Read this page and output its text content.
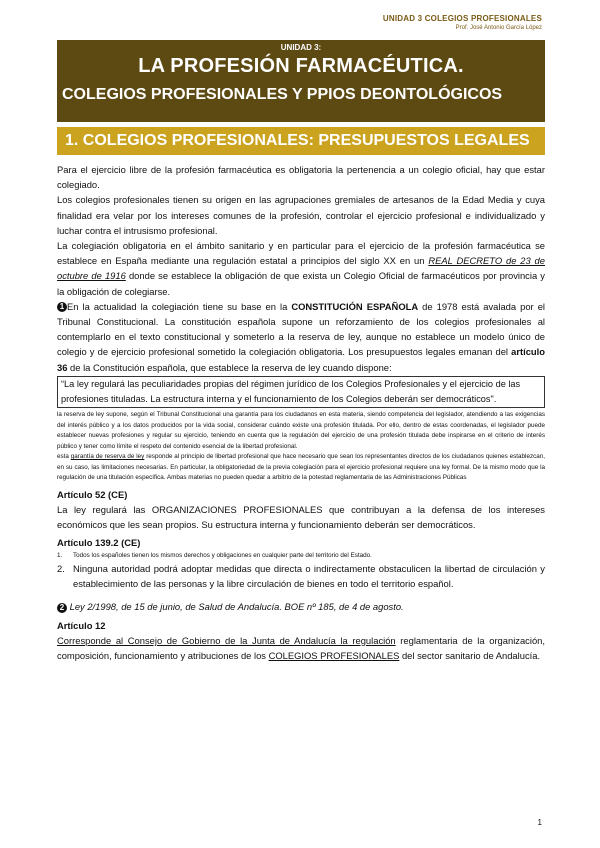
UNIDAD 3 COLEGIOS PROFESIONALES
Prof. José Antonio García López
UNIDAD 3:
LA PROFESIÓN FARMACÉUTICA.
COLEGIOS PROFESIONALES Y PPIOS DEONTOLÓGICOS
1. COLEGIOS PROFESIONALES: PRESUPUESTOS LEGALES

Para el ejercicio libre de la profesión farmacéutica es obligatoria la pertenencia a un colegio oficial, hay que estar colegiado.

Los colegios profesionales tienen su origen en las agrupaciones gremiales de artesanos de la Edad Media y cuya finalidad era velar por los intereses comunes de la profesión, controlar el ejercicio profesional e individualizado y luchar contra el intrusismo profesional.

La colegiación obligatoria en el ámbito sanitario y en particular para el ejercicio de la profesión farmacéutica se establece en España mediante una regulación estatal a principios del siglo XX en un REAL DECRETO de 23 de octubre de 1916 donde se establece la obligación de que exista un Colegio Oficial de farmacéuticos por provincia y la obligación de colegiarse.

1 En la actualidad la colegiación tiene su base en la CONSTITUCIÓN ESPAÑOLA de 1978 está avalada por el Tribunal Constitucional. La constitución española supone un reforzamiento de los colegios profesionales al contemplarlo en el texto constitucional y someterlo a la reserva de ley, aunque no establece un modelo único de colegio y de ejercicio profesional sometido la colegiación obligatoria. Los presupuestos legales emanan del artículo 36 de la Constitución española, que establece la reserva de ley cuando dispone:

“La ley regulará las peculiaridades propias del régimen jurídico de los Colegios Profesionales y el ejercicio de las profesiones tituladas. La estructura interna y el funcionamiento de los Colegios deberán ser democráticos".

la reserva de ley supone, según el Tribunal Constitucional una garantía para los ciudadanos en esta materia, siendo competencia del legislador, atendiendo a las exigencias del interés público y a los datos producidos por la vida social, considerar cuándo existe una profesión titulada. Por ello, dentro de estas coordenadas, el legislador puede establecer nuevas profesiones y regular su ejercicio, teniendo en cuenta que la regulación del ejercicio de una profesión titulada debe inspirarse en el criterio de interés público y tener como límite el respeto del contenido esencial de la libertad profesional.

esta garantía de reserva de ley responde al principio de libertad profesional que hace necesario que sean los representantes directos de los ciudadanos quienes establezcan, en su caso, las limitaciones necesarias. En particular, la obligatoriedad de la previa colegiación para el ejercicio profesional requiere una ley formal. De la mismo modo que la regulación de una titulación específica. Ambas materias no pueden quedar a arbitrio de la potestad reglamentaria de las Administraciones Públicas

Artículo 52 (CE)

La ley regulará las ORGANIZACIONES PROFESIONALES que contribuyan a la defensa de los intereses económicos que les sean propios. Su estructura interna y funcionamiento deberán ser democráticos.

Artículo 139.2 (CE)

1.	Todos los españoles tienen los mismos derechos y obligaciones en cualquier parte del territorio del Estado.
2. Ninguna autoridad podrá adoptar medidas que directa o indirectamente obstaculicen la libertad de circulación y establecimiento de las personas y la libre circulación de bienes en todo el territorio español.

2 Ley 2/1998, de 15 de junio, de Salud de Andalucía. BOE nº 185, de 4 de agosto.

Artículo 12

Corresponde al Consejo de Gobierno de la Junta de Andalucía la regulación reglamentaria de la organización, composición, funcionamiento y atribuciones de los COLEGIOS PROFESIONALES del sector sanitario de Andalucía.

1
